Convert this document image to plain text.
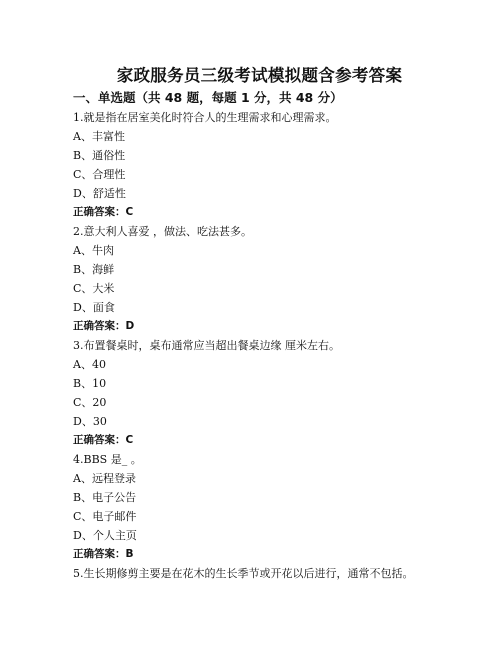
家政服务员三级考试模拟题含参考答案
一、单选题（共 48 题，每题 1 分，共 48 分）
1.就是指在居室美化时符合人的生理需求和心理需求。
A、丰富性
B、通俗性
C、合理性
D、舒适性
正确答案：C
2.意大利人喜爱 ，做法、吃法甚多。
A、牛肉
B、海鲜
C、大米
D、面食
正确答案：D
3.布置餐桌时，桌布通常应当超出餐桌边缘 厘米左右。
A、40
B、10
C、20
D、30
正确答案：C
4.BBS 是_ 。
A、远程登录
B、电子公告
C、电子邮件
D、个人主页
正确答案：B
5.生长期修剪主要是在花木的生长季节或开花以后进行，通常不包括。
